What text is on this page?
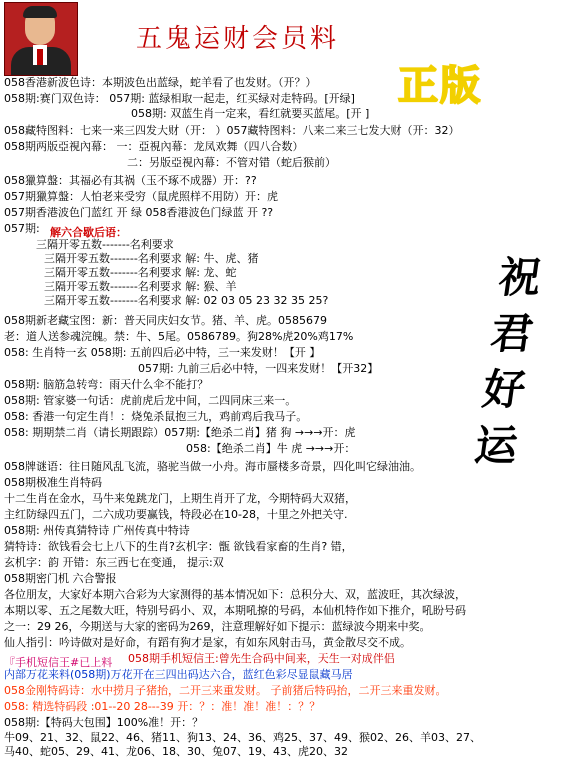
五鬼运财会员料
正版
祝君好运
058香港新波色诗：本期波色出蓝绿，蛇羊看了也发财。（开？）
058期:赛门双色诗： 057期: 蓝绿相取一起走，红买绿对走特码。[开绿]
058期: 双蓝生肖一定来，看红就要买蓝尾。[开 ]
058藏特图料：七来一来三四发大财（开： ）057藏特图料：八来二来三七发大财（开：32）
058期两版亞視內幕： 一：亞視內幕：龙凤欢舞（四八合数）
二：另版亞視內幕：不管对错（蛇后猴前）
058獵算盤：其福必有其祸（玉不琢不成器）开：??
057期獵算盤：人怕老来受穷（鼠虎照样不用防）开：虎
057期香港波色门蓝红 开 绿 058香港波色门绿蓝 开 ??
057期:
三隔开零五数-------名利要求
三隔开零五数-------名利要求 解: 牛、虎、猪
三隔开零五数-------名利要求 解: 龙、蛇
三隔开零五数-------名利要求 解: 猴、羊
三隔开零五数-------名利要求 解: 02 03 05 23 32 35 25?
058期新老藏宝图：新：普天同庆妇女节。猪、羊、虎。0585679
老：道人送参魂浣魄。禁：牛、5尾。0586789。狗28%虎20%鸡17%
058: 生肖特一玄 058期: 五前四后必中特，三一来发财！【开 】
057期: 九前三后必中特，一四来发财！【开32】
058期: 脑筋急转弯：雨天什么伞不能打？
058期: 管家婆一句话：虎前虎后龙中间，二四同床三来一。
058: 香港一句定生肖！：烧兔杀鼠抱三九，鸡前鸡后我马子。
058: 期期禁二肖（请长期跟踪）057期:【绝杀二肖】猪 狗 →→→开：虎
058:【绝杀二肖】牛 虎 →→→开：
058牌谜语：往日随风乱飞流，骆驼当做一小舟。海市蜃楼多奇景，四化叫它绿油油。
058期极准生肖特码
十二生肖在金水，马牛来兔跳龙门，上期生肖开了龙，今期特码大双猪，
主红防绿四五门，二六成功要赢钱，特段必在10-28，十里之外把关守.
058期: 州传真猜特诗 广州传真中特诗
猜特诗：欲钱看会七上八下的生肖?玄机字：甑 欲钱看家畜的生肖? 错，
玄机字：韵 开错：东三西七在变通， 提示:双
058期密门机 六合警报
各位朋友，大家好本期六合彩为大家测得的基本情况如下：总积分大、双，蓝波旺，其次绿波，
本期以零、五之尾数大旺，特别号码小、双，本期吼撩的号码，本仙机特作如下推介，吼盼号码
之一：29 26，今期送与大家的密码为269，注意理解好如下提示：蓝绿波今期来中奖。
仙人指引：吟诗做对是好命，有蹈有狗才是家，有如东风射击马，黄金散尽交不成。
058期手机短信王:曾先生合码中间来，天生一对成伴侣
内部万花来料(058期)万花开在三四出码达六合，蓝红色彩尽显鼠藏马居
058金刚特码诗：水中捞月子猪抬，二开三来重发财。 子前猪后特码抬，二开三来重发财。
058: 精选特码段 :01--20 28---39 开：？：准！准！准！：？？
058期:【特码大包围】100%准！开：？
牛09、21、32、鼠22、46、猪11、狗13、24、36、鸡25、37、49、猴02、26、羊03、27、
马40、蛇05、29、41、龙06、18、30、兔07、19、43、虎20、32
解六合歇后语：
『手机短信王#已上料
